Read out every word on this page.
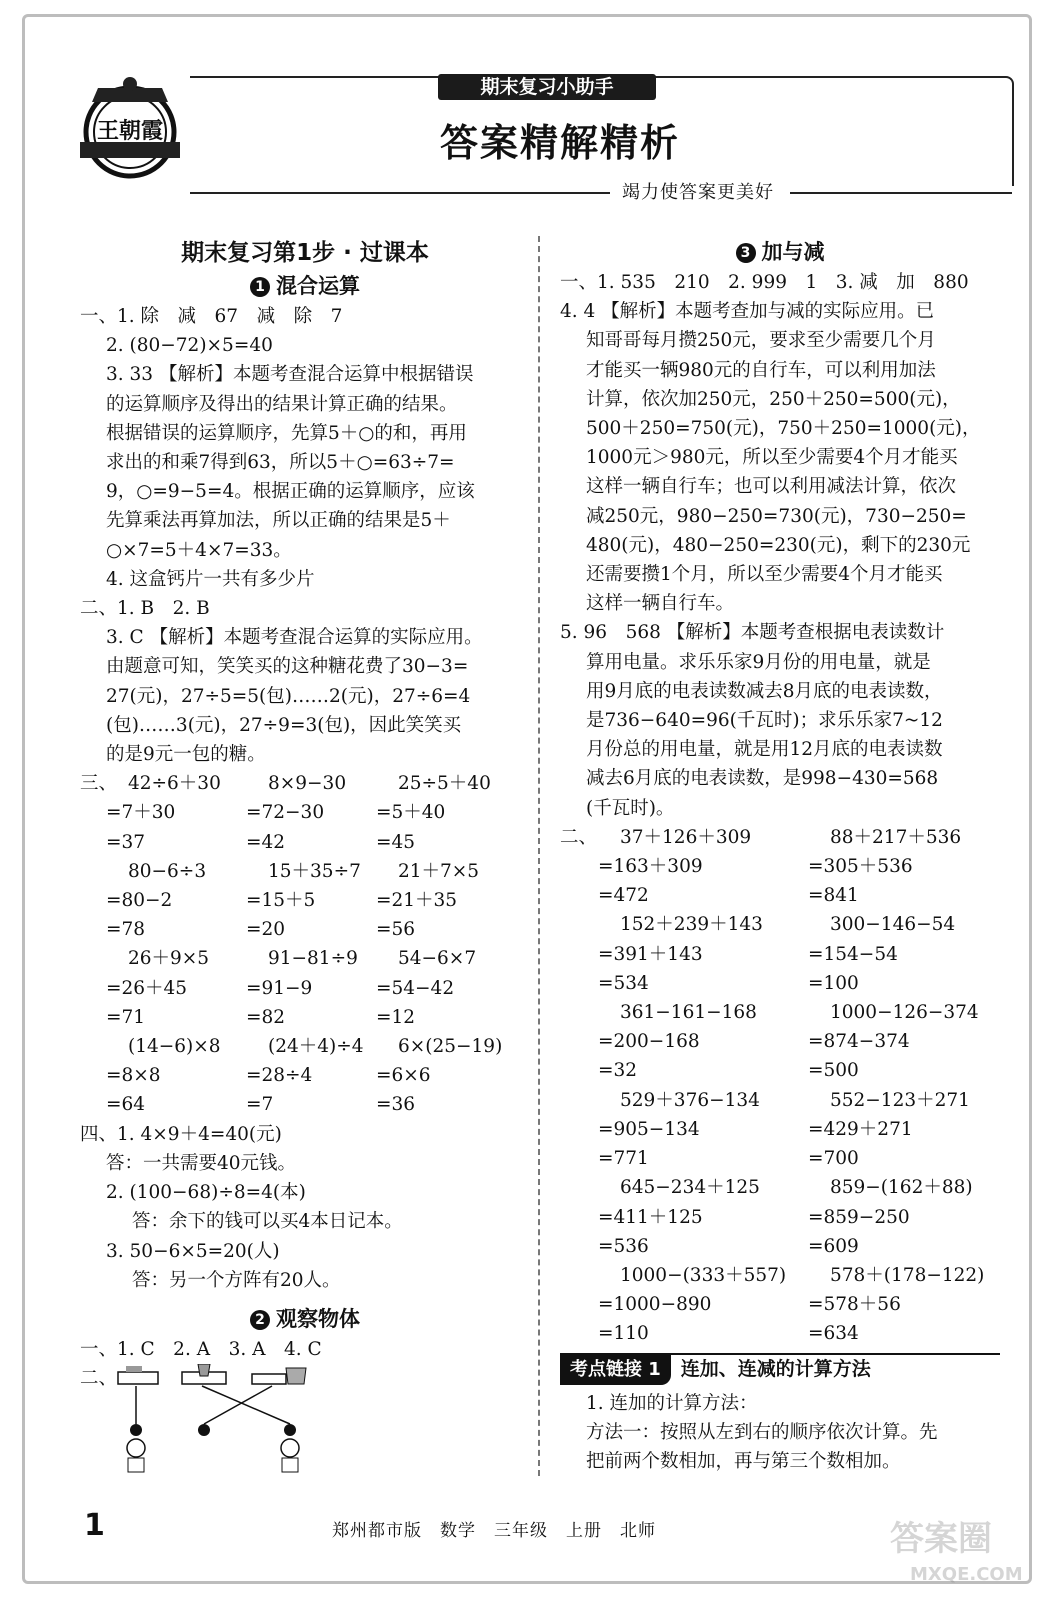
王朝霞
期末复习小助手
答案精解精析
竭力使答案更美好
期末复习第1步 · 过课本
1 混合运算
一、1. 除　减　67　减　除　7
2. (80−72)×5=40
3. 33 【解析】本题考查混合运算中根据错误
的运算顺序及得出的结果计算正确的结果。
根据错误的运算顺序，先算5＋○的和，再用
求出的和乘7得到63，所以5＋○=63÷7=
9，○=9−5=4。根据正确的运算顺序，应该
先算乘法再算加法，所以正确的结果是5＋
○×7=5＋4×7=33。
4. 这盒钙片一共有多少片
二、1. B　2. B
3. C 【解析】本题考查混合运算的实际应用。
由题意可知，笑笑买的这种糖花费了30−3=
27(元)，27÷5=5(包)……2(元)，27÷6=4
(包)……3(元)，27÷9=3(包)，因此笑笑买
的是9元一包的糖。
三、 42÷6＋30	8×9−30	25÷5＋40
=7＋30	=72−30	=5＋40
=37	=42	=45
80−6÷3	15＋35÷7	21＋7×5
=80−2	=15＋5	=21＋35
=78	=20	=56
26＋9×5	91−81÷9	54−6×7
=26＋45	=91−9	=54−42
=71	=82	=12
(14−6)×8	(24＋4)÷4	6×(25−19)
=8×8	=28÷4	=6×6
=64	=7	=36
四、1. 4×9＋4=40(元)
答：一共需要40元钱。
2. (100−68)÷8=4(本)
答：余下的钱可以买4本日记本。
3. 50−6×5=20(人)
答：另一个方阵有20人。
2 观察物体
一、1. C　2. A　3. A　4. C
二、
3 加与减
一、1. 535　210　2. 999　1　3. 减　加　880
4. 4 【解析】本题考查加与减的实际应用。已
知哥哥每月攒250元，要求至少需要几个月
才能买一辆980元的自行车，可以利用加法
计算，依次加250元，250＋250=500(元)，
500＋250=750(元)，750＋250=1000(元)，
1000元＞980元，所以至少需要4个月才能买
这样一辆自行车；也可以利用减法计算，依次
减250元，980−250=730(元)，730−250=
480(元)，480−250=230(元)，剩下的230元
还需要攒1个月，所以至少需要4个月才能买
这样一辆自行车。
5. 96　568 【解析】本题考查根据电表读数计
算用电量。求乐乐家9月份的用电量，就是
用9月底的电表读数减去8月底的电表读数，
是736−640=96(千瓦时)；求乐乐家7~12
月份总的用电量，就是用12月底的电表读数
减去6月底的电表读数，是998−430=568
(千瓦时)。
二、	37＋126＋309	88＋217＋536
=163＋309	=305＋536
=472	=841
152＋239＋143	300−146−54
=391＋143	=154−54
=534	=100
361−161−168	1000−126−374
=200−168	=874−374
=32	=500
529＋376−134	552−123＋271
=905−134	=429＋271
=771	=700
645−234＋125	859−(162＋88)
=411＋125	=859−250
=536	=609
1000−(333＋557)	578＋(178−122)
=1000−890	=578＋56
=110	=634
考点链接 1	连加、连减的计算方法
1. 连加的计算方法：
方法一：按照从左到右的顺序依次计算。先
把前两个数相加，再与第三个数相加。
1	郑州都市版　数学　三年级　上册　北师	答案圈
MXQE.COM
